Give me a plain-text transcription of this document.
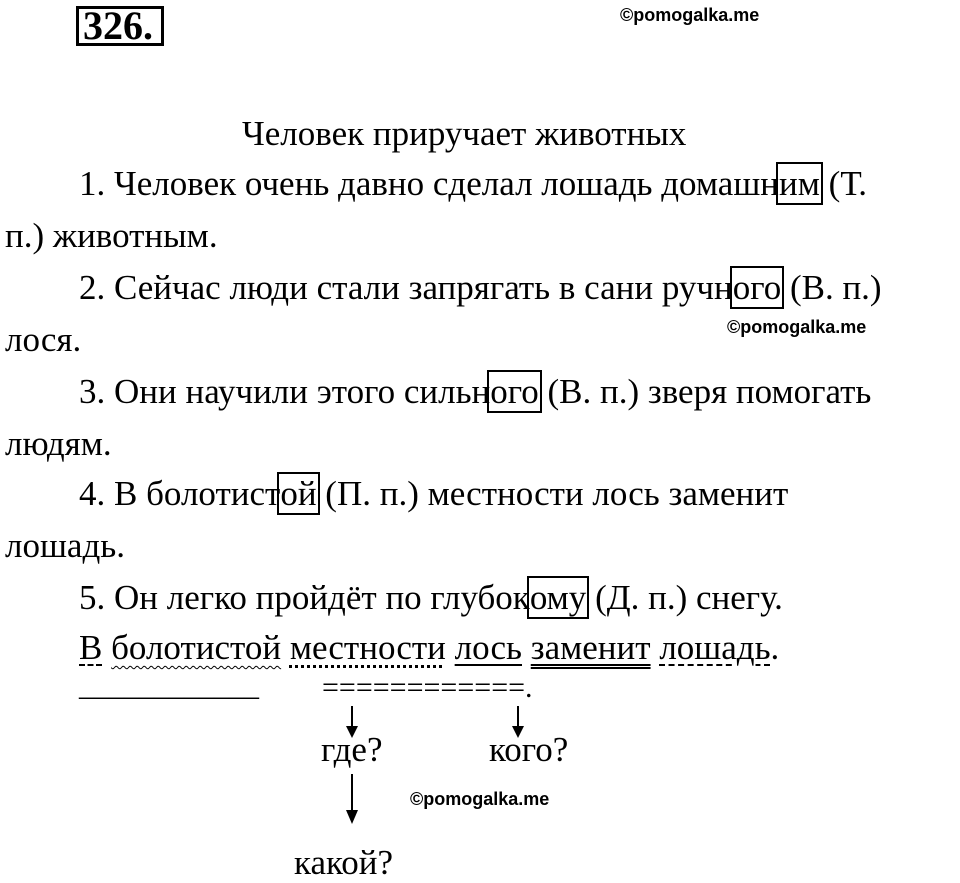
326.	©pomogalka.me
Человек приручает животных
1. Человек очень давно сделал лошадь домашним (Т.
п.) животным.
2. Сейчас люди стали запрягать в сани ручного (В. п.)
©pomogalka.me
лося.
3. Они научили этого сильного (В. п.) зверя помогать
людям.
4. В болотистой (П. п.) местности лось заменит
лошадь.
5. Он легко пройдёт по глубокому (Д. п.) снегу.
В болотистой местности лось заменит лошадь.
____________ ============.
где?	кого?
©pomogalka.me
какой?
